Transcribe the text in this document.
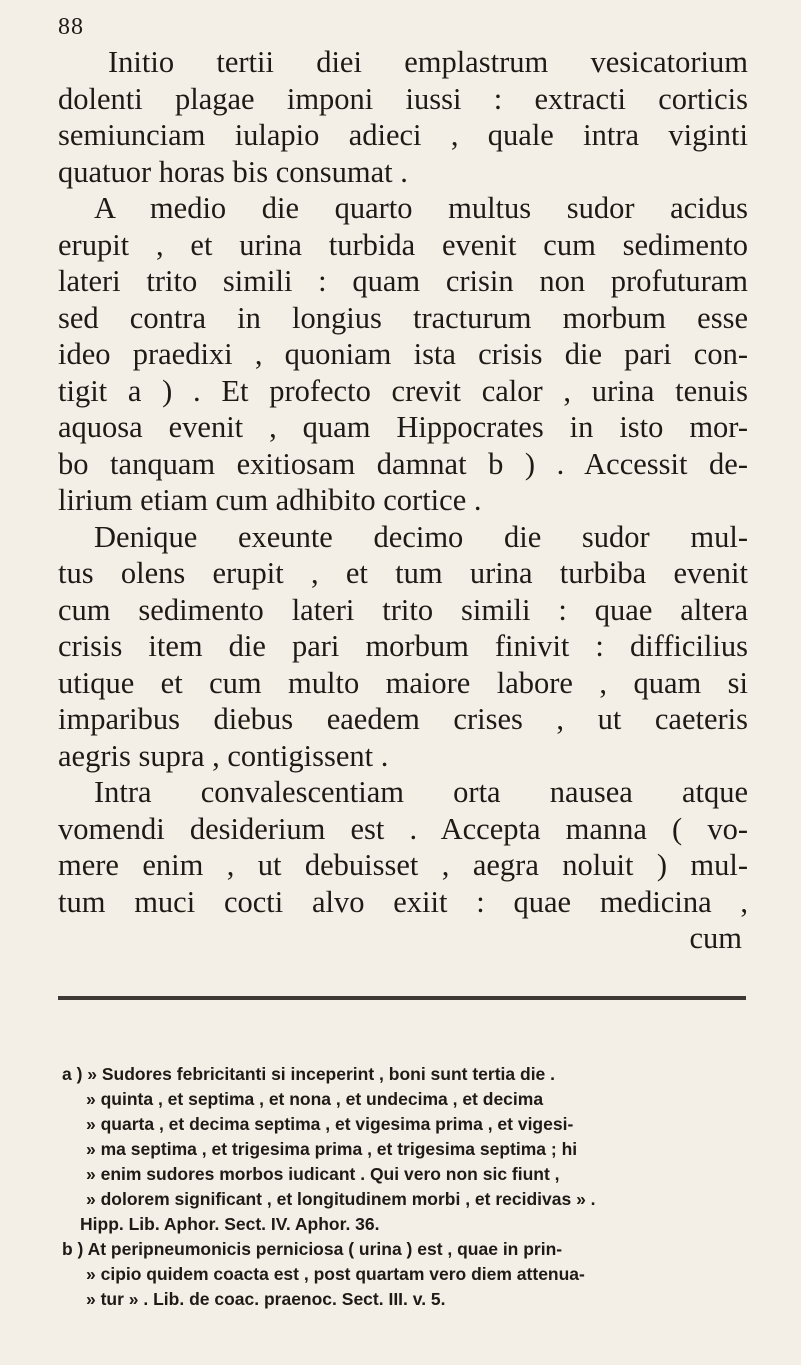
88
Initio tertii diei emplastrum vesicatorium
dolenti plagae imponi iussi : extracti corticis
semiunciam iulapio adieci , quale intra viginti
quatuor horas bis consumat .
A medio die quarto multus sudor acidus
erupit , et urina turbida evenit cum sedimento
lateri trito simili : quam crisin non profuturam
sed contra in longius tracturum morbum esse
ideo praedixi , quoniam ista crisis die pari con-
tigit a ) . Et profecto crevit calor , urina tenuis
aquosa evenit , quam Hippocrates in isto mor-
bo tanquam exitiosam damnat b ) . Accessit de-
lirium etiam cum adhibito cortice .
Denique exeunte decimo die sudor mul-
tus olens erupit , et tum urina turbiba evenit
cum sedimento lateri trito simili : quae altera
crisis item die pari morbum finivit : difficilius
utique et cum multo maiore labore , quam si
imparibus diebus eaedem crises , ut caeteris
aegris supra , contigissent .
Intra convalescentiam orta nausea atque
vomendi desiderium est . Accepta manna ( vo-
mere enim , ut debuisset , aegra noluit ) mul-
tum muci cocti alvo exiit : quae medicina ,
cum
a ) » Sudores febricitanti si inceperint , boni sunt tertia die .
» quinta , et septima , et nona , et undecima , et decima
» quarta , et decima septima , et vigesima prima , et vigesi-
» ma septima , et trigesima prima , et trigesima septima ; hi
» enim sudores morbos iudicant . Qui vero non sic fiunt ,
» dolorem significant , et longitudinem morbi , et recidivas » .
Hipp. Lib. Aphor. Sect. IV. Aphor. 36.
b ) At peripneumonicis perniciosa ( urina ) est , quae in prin-
» cipio quidem coacta est , post quartam vero diem attenua-
» tur » . Lib. de coac. praenoc. Sect. III. v. 5.
